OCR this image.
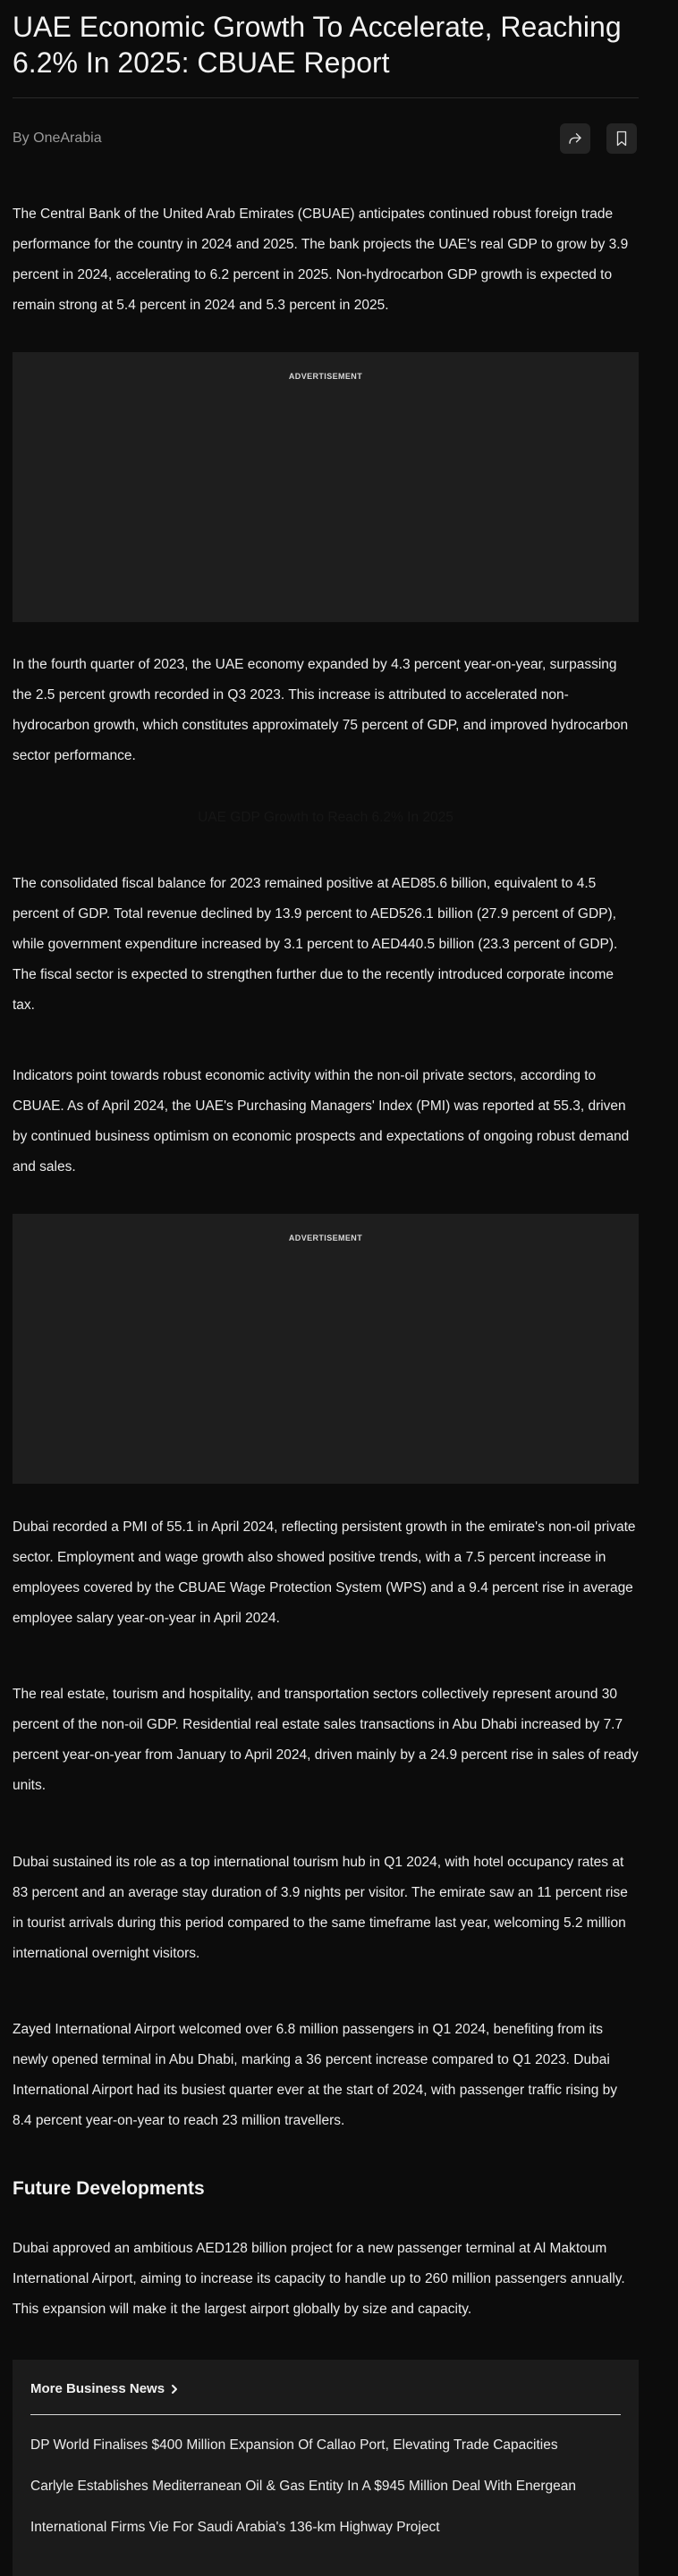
UAE Economic Growth To Accelerate, Reaching 6.2% In 2025: CBUAE Report
By OneArabia

The Central Bank of the United Arab Emirates (CBUAE) anticipates continued robust foreign trade performance for the country in 2024 and 2025. The bank projects the UAE's real GDP to grow by 3.9 percent in 2024, accelerating to 6.2 percent in 2025. Non-hydrocarbon GDP growth is expected to remain strong at 5.4 percent in 2024 and 5.3 percent in 2025.

ADVERTISEMENT

In the fourth quarter of 2023, the UAE economy expanded by 4.3 percent year-on-year, surpassing the 2.5 percent growth recorded in Q3 2023. This increase is attributed to accelerated non-hydrocarbon growth, which constitutes approximately 75 percent of GDP, and improved hydrocarbon sector performance.

UAE GDP Growth to Reach 6.2% In 2025

The consolidated fiscal balance for 2023 remained positive at AED85.6 billion, equivalent to 4.5 percent of GDP. Total revenue declined by 13.9 percent to AED526.1 billion (27.9 percent of GDP), while government expenditure increased by 3.1 percent to AED440.5 billion (23.3 percent of GDP). The fiscal sector is expected to strengthen further due to the recently introduced corporate income tax.

Indicators point towards robust economic activity within the non-oil private sectors, according to CBUAE. As of April 2024, the UAE's Purchasing Managers' Index (PMI) was reported at 55.3, driven by continued business optimism on economic prospects and expectations of ongoing robust demand and sales.

ADVERTISEMENT

Dubai recorded a PMI of 55.1 in April 2024, reflecting persistent growth in the emirate's non-oil private sector. Employment and wage growth also showed positive trends, with a 7.5 percent increase in employees covered by the CBUAE Wage Protection System (WPS) and a 9.4 percent rise in average employee salary year-on-year in April 2024.

The real estate, tourism and hospitality, and transportation sectors collectively represent around 30 percent of the non-oil GDP. Residential real estate sales transactions in Abu Dhabi increased by 7.7 percent year-on-year from January to April 2024, driven mainly by a 24.9 percent rise in sales of ready units.

Dubai sustained its role as a top international tourism hub in Q1 2024, with hotel occupancy rates at 83 percent and an average stay duration of 3.9 nights per visitor. The emirate saw an 11 percent rise in tourist arrivals during this period compared to the same timeframe last year, welcoming 5.2 million international overnight visitors.

Zayed International Airport welcomed over 6.8 million passengers in Q1 2024, benefiting from its newly opened terminal in Abu Dhabi, marking a 36 percent increase compared to Q1 2023. Dubai International Airport had its busiest quarter ever at the start of 2024, with passenger traffic rising by 8.4 percent year-on-year to reach 23 million travellers.

Future Developments

Dubai approved an ambitious AED128 billion project for a new passenger terminal at Al Maktoum International Airport, aiming to increase its capacity to handle up to 260 million passengers annually. This expansion will make it the largest airport globally by size and capacity.

More Business News
DP World Finalises $400 Million Expansion Of Callao Port, Elevating Trade Capacities
Carlyle Establishes Mediterranean Oil & Gas Entity In A $945 Million Deal With Energean
International Firms Vie For Saudi Arabia's 136-km Highway Project
